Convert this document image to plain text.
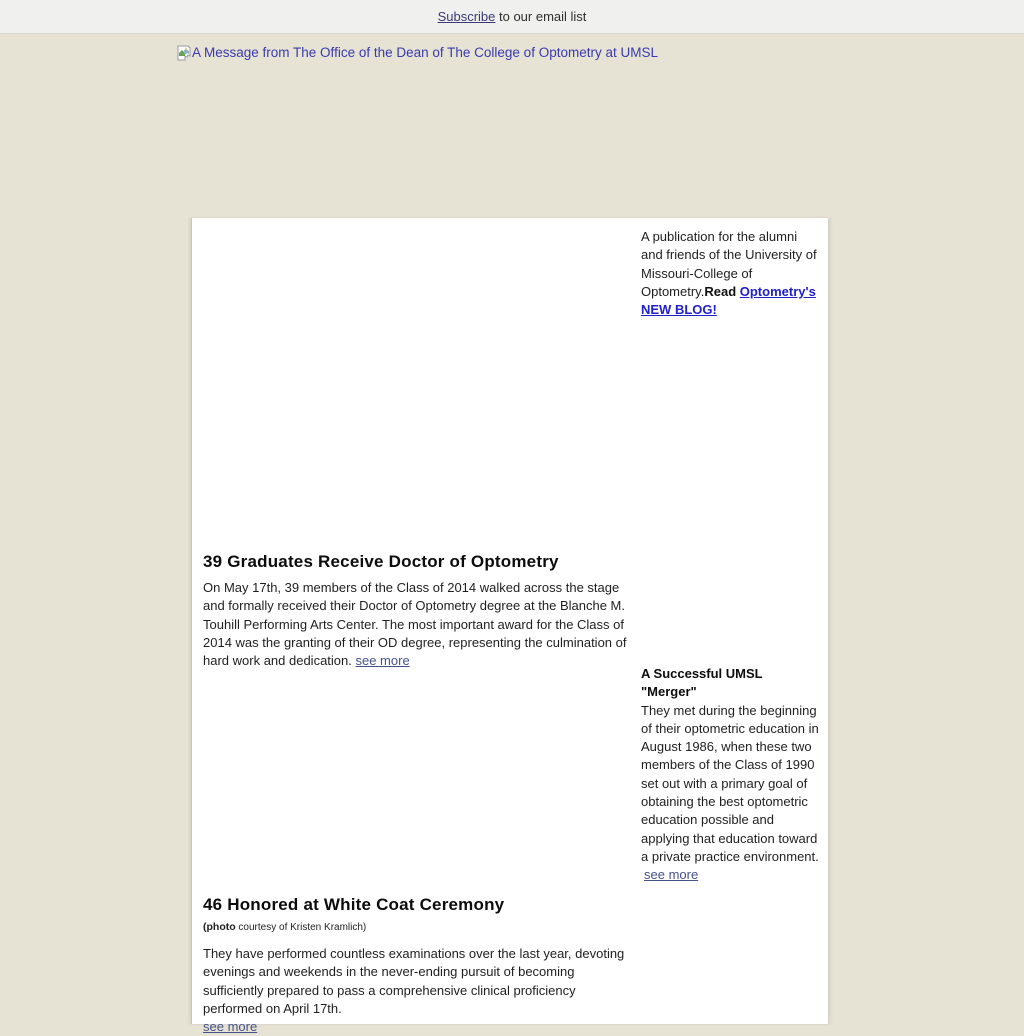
Subscribe to our email list
A Message from The Office of the Dean of The College of Optometry at UMSL
A publication for the alumni and friends of the University of Missouri-College of Optometry.Read Optometry's NEW BLOG!
39 Graduates Receive Doctor of Optometry
On May 17th, 39 members of the Class of 2014 walked across the stage and formally received their Doctor of Optometry degree at the Blanche M. Touhill Performing Arts Center. The most important award for the Class of 2014 was the granting of their OD degree, representing the culmination of hard work and dedication. see more
A Successful UMSL "Merger"
They met during the beginning of their optometric education in August 1986, when these two members of the Class of 1990 set out with a primary goal of obtaining the best optometric education possible and applying that education toward a private practice environment.
see more
46 Honored at White Coat Ceremony
(photo courtesy of Kristen Kramlich)
They have performed countless examinations over the last year, devoting evenings and weekends in the never-ending pursuit of becoming sufficiently prepared to pass a comprehensive clinical proficiency performed on April 17th.
see more
